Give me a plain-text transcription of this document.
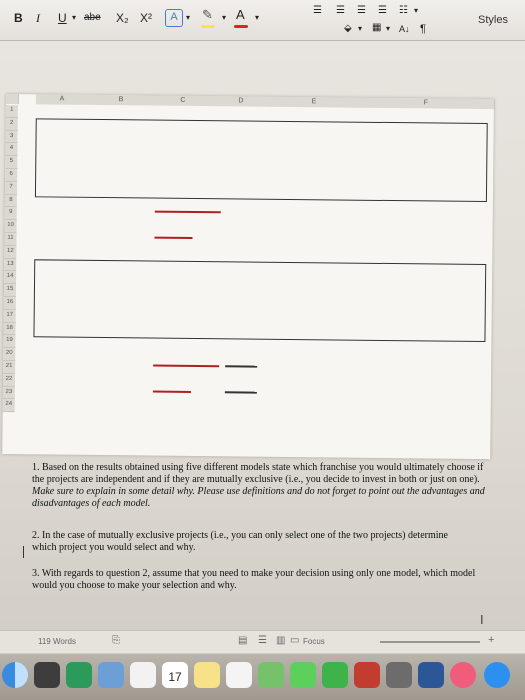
B I U ▾ abe X₂ X²	A	▾ ✎ ▾ A ▾
☰ ☰ ☰ ☰ ☷ ▾
⬙ ▾ ▦ ▾ A↓ ¶
Styles
A	B	C	D	E	F
1
2
3
4
5
6
7
8
9
10
11
12
13
14
15
16
17
18
19
20
21
22
23
24
1. Based on the results obtained using five different models state which franchise you would ultimately choose if the projects are independent and if they are mutually exclusive (i.e., you decide to invest in both or just on one). Make sure to explain in some detail why. Please use definitions and do not forget to point out the advantages and disadvantages of each model.
2. In the case of mutually exclusive projects (i.e., you can only select one of the two projects) determine which project you would select and why.
3. With regards to question 2, assume that you need to make your decision using only one model, which model would you choose to make your selection and why.
I
119 Words	⎘	▤ ☰ ▥ ▭ Focus	+
17
